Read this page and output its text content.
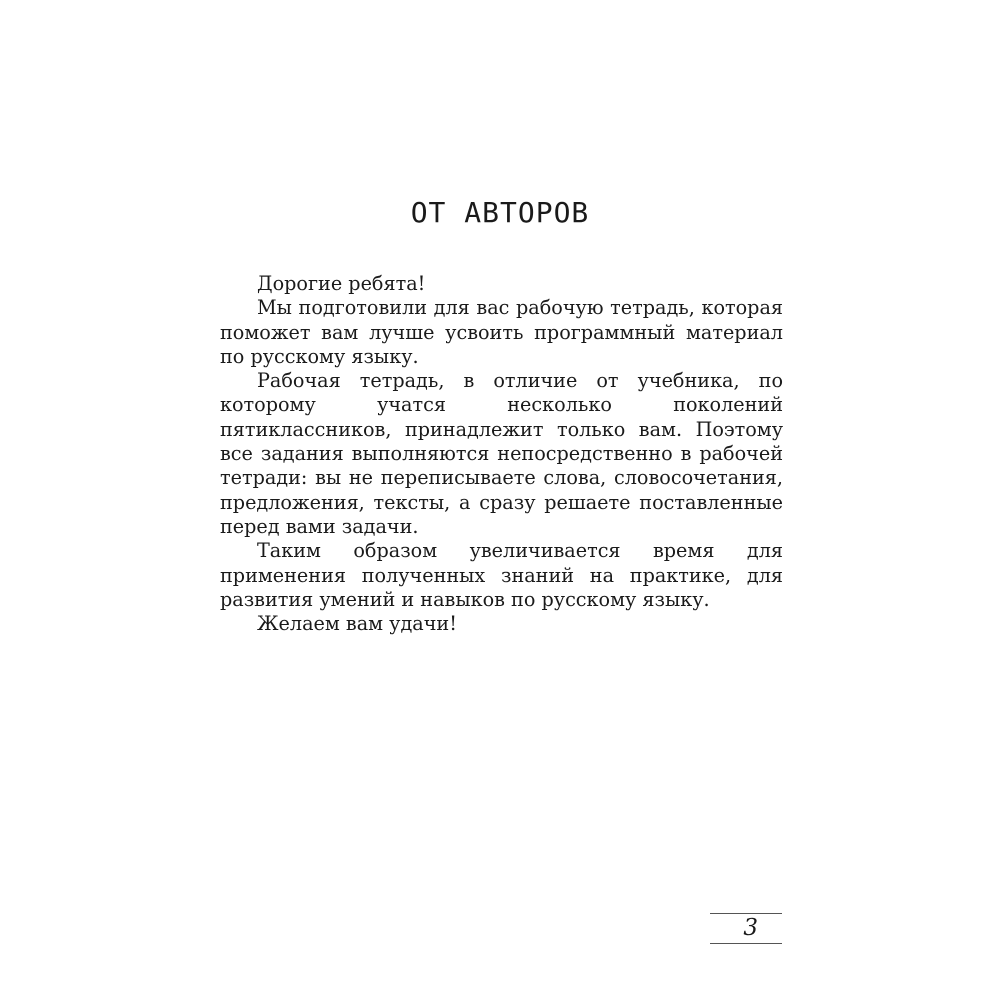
ОТ АВТОРОВ

Дорогие ребята!

Мы подготовили для вас рабочую тетрадь, которая поможет вам лучше усвоить программный материал по русскому языку.

Рабочая тетрадь, в отличие от учебника, по которому учатся несколько поколений пятиклассников, принадлежит только вам. Поэтому все задания выполняются непосредственно в рабочей тетради: вы не переписываете слова, словосочетания, предложения, тексты, а сразу решаете поставленные перед вами задачи.

Таким образом увеличивается время для применения полученных знаний на практике, для развития умений и навыков по русскому языку.

Желаем вам удачи!

3
